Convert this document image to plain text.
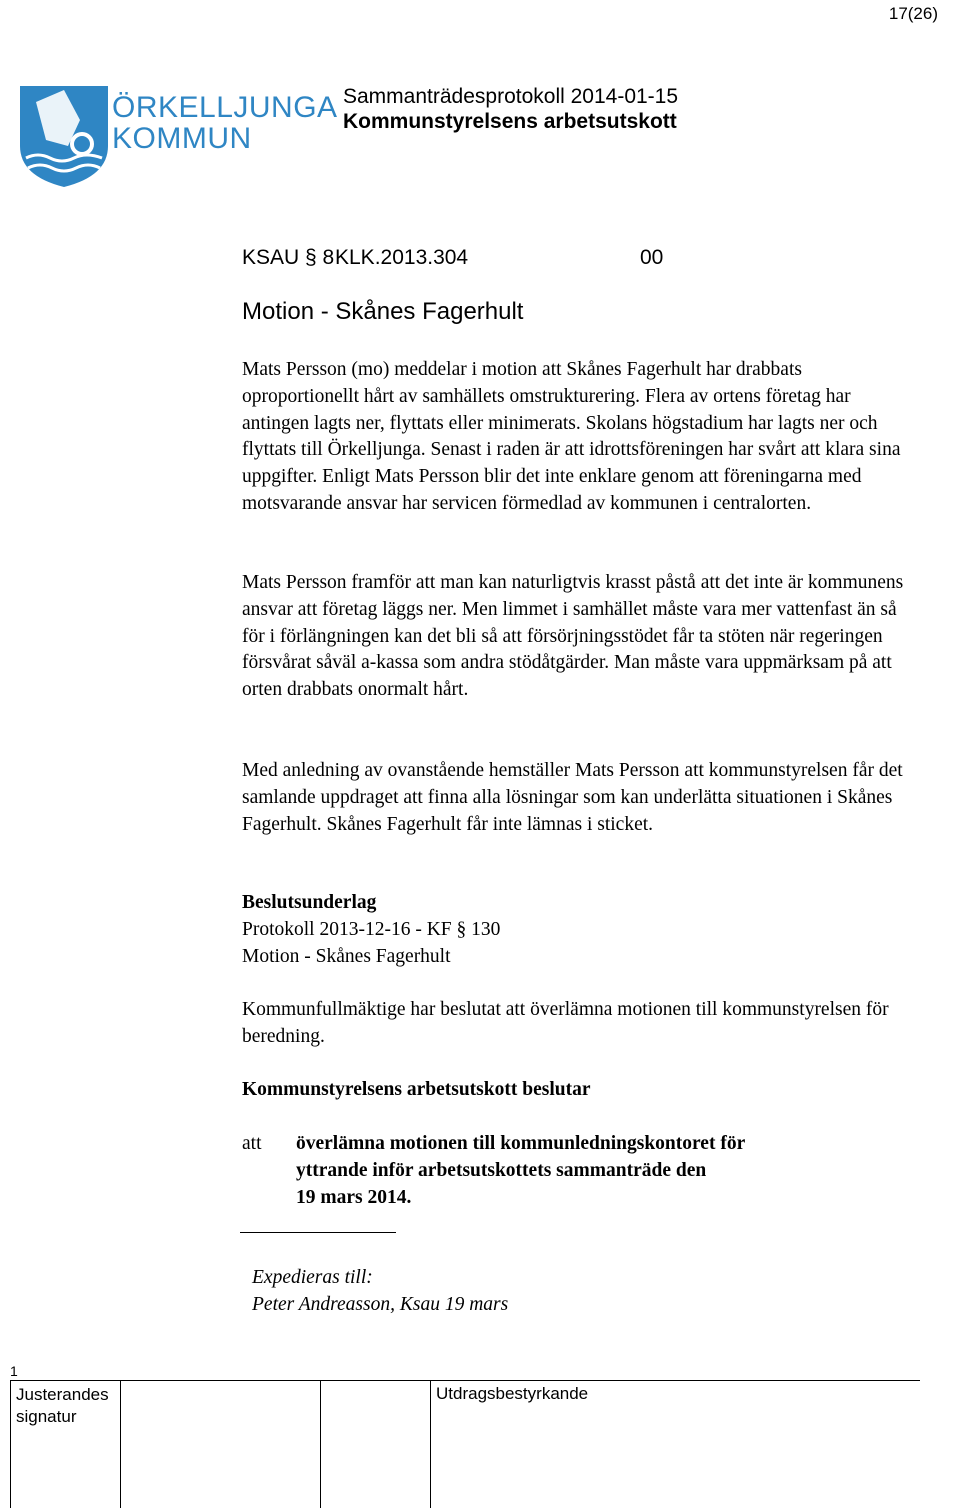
17(26)
ÖRKELLJUNGA
KOMMUN
Sammanträdesprotokoll 2014-01-15
Kommunstyrelsens arbetsutskott
KSAU § 8KLK.2013.304	00
Motion - Skånes Fagerhult

Mats Persson (mo) meddelar i motion att Skånes Fagerhult har drabbats oproportionellt hårt av samhällets omstrukturering. Flera av ortens företag har antingen lagts ner, flyttats eller minimerats. Skolans högstadium har lagts ner och flyttats till Örkelljunga. Senast i raden är att idrottsföreningen har svårt att klara sina uppgifter. Enligt Mats Persson blir det inte enklare genom att föreningarna med motsvarande ansvar har servicen förmedlad av kommunen i centralorten.

Mats Persson framför att man kan naturligtvis krasst påstå att det inte är kommunens ansvar att företag läggs ner. Men limmet i samhället måste vara mer vattenfast än så för i förlängningen kan det bli så att försörjningsstödet får ta stöten när regeringen försvårat såväl a-kassa som andra stödåtgärder. Man måste vara uppmärksam på att orten drabbats onormalt hårt.

Med anledning av ovanstående hemställer Mats Persson att kommunstyrelsen får det samlande uppdraget att finna alla lösningar som kan underlätta situationen i Skånes Fagerhult. Skånes Fagerhult får inte lämnas i sticket.

Beslutsunderlag
Protokoll 2013-12-16 - KF § 130
Motion - Skånes Fagerhult

Kommunfullmäktige har beslutat att överlämna motionen till kommunstyrelsen för beredning.

Kommunstyrelsens arbetsutskott beslutar
att överlämna motionen till kommunledningskontoret för
yttrande inför arbetsutskottets sammanträde den
19 mars 2014.
Expedieras till:
Peter Andreasson, Ksau 19 mars
1
Justerandes
signatur
Utdragsbestyrkande
